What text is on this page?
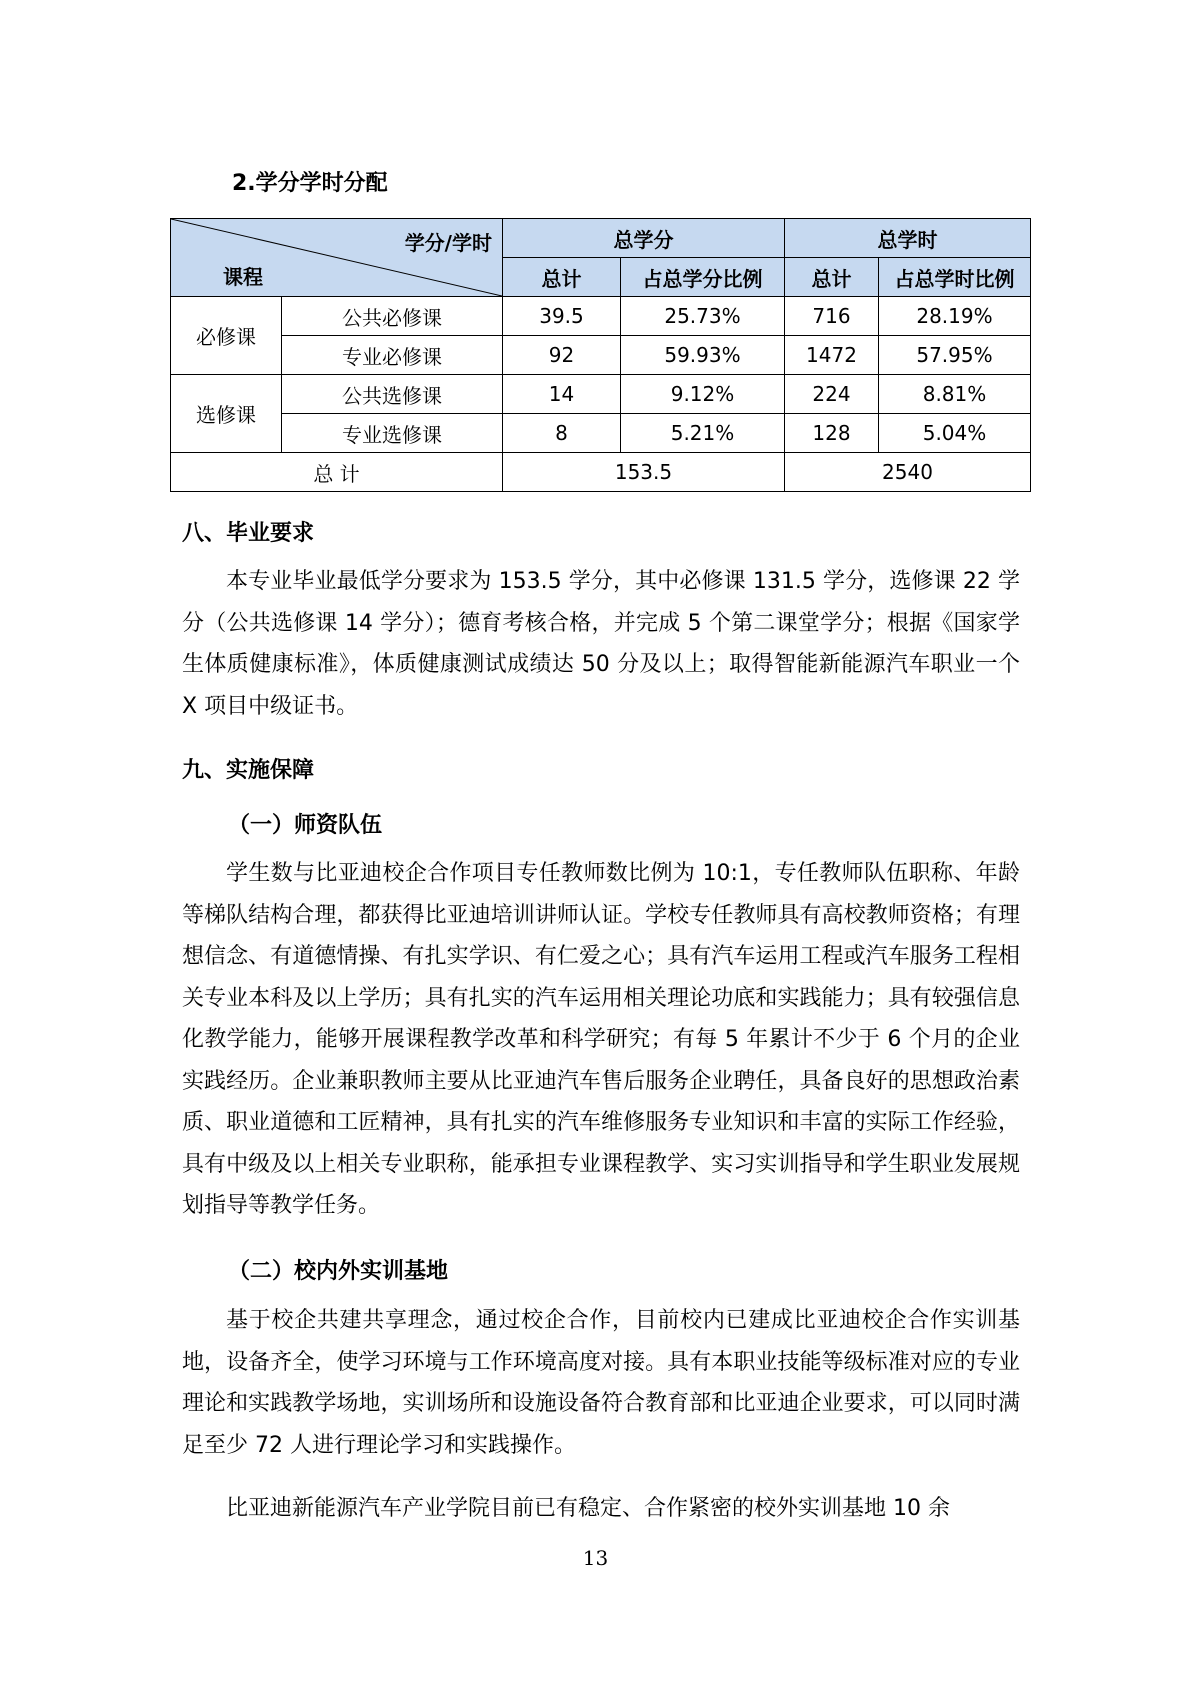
2.学分学时分配
学分/学时
课程		总学分		总学时	
		总计	占总学分比例	总计	占总学时比例
必修课	公共必修课	39.5	25.73%	716	28.19%
	专业必修课	92	59.93%	1472	57.95%
选修课	公共选修课	14	9.12%	224	8.81%
	专业选修课	8	5.21%	128	5.04%
总 计		153.5		2540	
八、毕业要求
本专业毕业最低学分要求为 153.5 学分，其中必修课 131.5 学分，选修课 22 学分（公共选修课 14 学分）；德育考核合格，并完成 5 个第二课堂学分；根据《国家学生体质健康标准》，体质健康测试成绩达 50 分及以上；取得智能新能源汽车职业一个 X 项目中级证书。
九、实施保障
（一）师资队伍
学生数与比亚迪校企合作项目专任教师数比例为 10:1，专任教师队伍职称、年龄等梯队结构合理，都获得比亚迪培训讲师认证。学校专任教师具有高校教师资格；有理想信念、有道德情操、有扎实学识、有仁爱之心；具有汽车运用工程或汽车服务工程相关专业本科及以上学历；具有扎实的汽车运用相关理论功底和实践能力；具有较强信息化教学能力，能够开展课程教学改革和科学研究；有每 5 年累计不少于 6 个月的企业实践经历。企业兼职教师主要从比亚迪汽车售后服务企业聘任，具备良好的思想政治素质、职业道德和工匠精神，具有扎实的汽车维修服务专业知识和丰富的实际工作经验，具有中级及以上相关专业职称，能承担专业课程教学、实习实训指导和学生职业发展规划指导等教学任务。
（二）校内外实训基地
基于校企共建共享理念，通过校企合作，目前校内已建成比亚迪校企合作实训基地，设备齐全，使学习环境与工作环境高度对接。具有本职业技能等级标准对应的专业理论和实践教学场地，实训场所和设施设备符合教育部和比亚迪企业要求，可以同时满足至少 72 人进行理论学习和实践操作。
比亚迪新能源汽车产业学院目前已有稳定、合作紧密的校外实训基地 10 余
13
